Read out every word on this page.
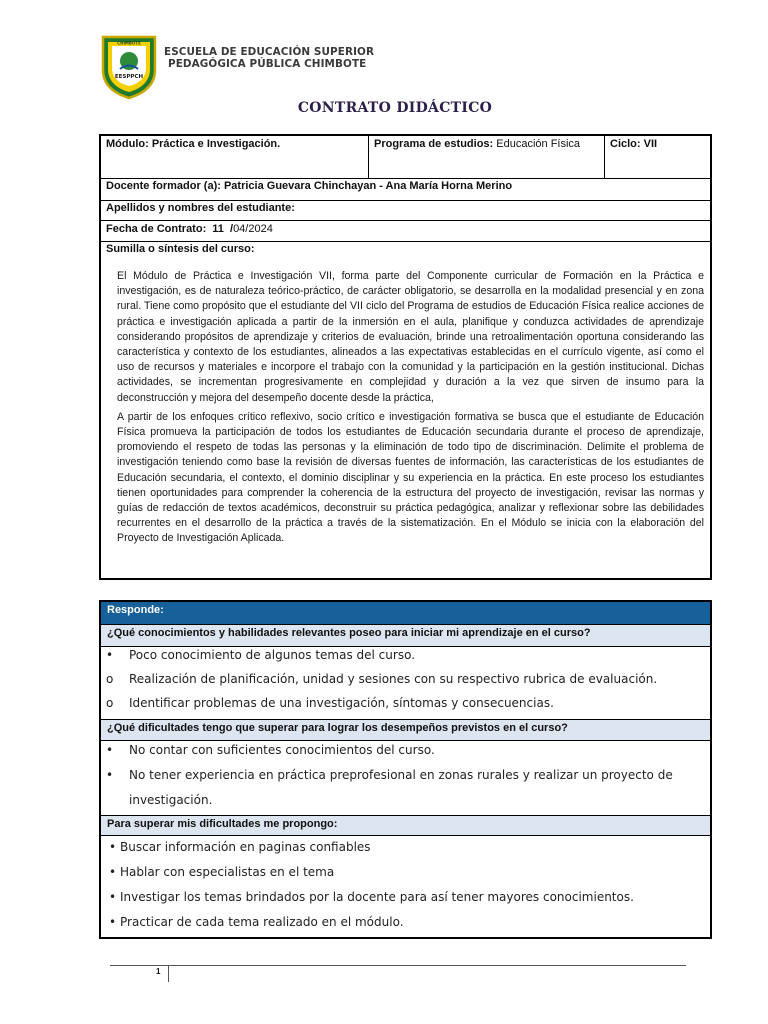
CHIMBOTE
EESPPCH
ESCUELA DE EDUCACIÓN SUPERIOR
PEDAGÓGICA PÚBLICA CHIMBOTE
CONTRATO DIDÁCTICO
Módulo: Práctica e Investigación.	Programa de estudios: Educación Física	Ciclo: VII
Docente formador (a): Patricia Guevara Chinchayan - Ana María Horna Merino
Apellidos y nombres del estudiante:
Fecha de Contrato: 11 /04/2024
Sumilla o síntesis del curso:

El Módulo de Práctica e Investigación VII, forma parte del Componente curricular de Formación en la Práctica e investigación, es de naturaleza teórico-práctico, de carácter obligatorio, se desarrolla en la modalidad presencial y en zona rural. Tiene como propósito que el estudiante del VII ciclo del Programa de estudios de Educación Física realice acciones de práctica e investigación aplicada a partir de la inmersión en el aula, planifique y conduzca actividades de aprendizaje considerando propósitos de aprendizaje y criterios de evaluación, brinde una retroalimentación oportuna considerando las característica y contexto de los estudiantes, alineados a las expectativas establecidas en el currículo vigente, así como el uso de recursos y materiales e incorpore el trabajo con la comunidad y la participación en la gestión institucional. Dichas actividades, se incrementan progresivamente en complejidad y duración a la vez que sirven de insumo para la deconstrucción y mejora del desempeño docente desde la práctica,

A partir de los enfoques crítico reflexivo, socio crítico e investigación formativa se busca que el estudiante de Educación Física promueva la participación de todos los estudiantes de Educación secundaria durante el proceso de aprendizaje, promoviendo el respeto de todas las personas y la eliminación de todo tipo de discriminación. Delimite el problema de investigación teniendo como base la revisión de diversas fuentes de información, las características de los estudiantes de Educación secundaria, el contexto, el dominio disciplinar y su experiencia en la práctica. En este proceso los estudiantes tienen oportunidades para comprender la coherencia de la estructura del proyecto de investigación, revisar las normas y guías de redacción de textos académicos, deconstruir su práctica pedagógica, analizar y reflexionar sobre las debilidades recurrentes en el desarrollo de la práctica a través de la sistematización. En el Módulo se inicia con la elaboración del Proyecto de Investigación Aplicada.

Responde:
¿Qué conocimientos y habilidades relevantes poseo para iniciar mi aprendizaje en el curso?
• Poco conocimiento de algunos temas del curso.
o Realización de planificación, unidad y sesiones con su respectivo rubrica de evaluación.
o Identificar problemas de una investigación, síntomas y consecuencias.
¿Qué dificultades tengo que superar para lograr los desempeños previstos en el curso?
• No contar con suficientes conocimientos del curso.
• No tener experiencia en práctica preprofesional en zonas rurales y realizar un proyecto de
investigación.
Para superar mis dificultades me propongo:
• Buscar información en paginas confiables
• Hablar con especialistas en el tema
• Investigar los temas brindados por la docente para así tener mayores conocimientos.
• Practicar de cada tema realizado en el módulo.
1
